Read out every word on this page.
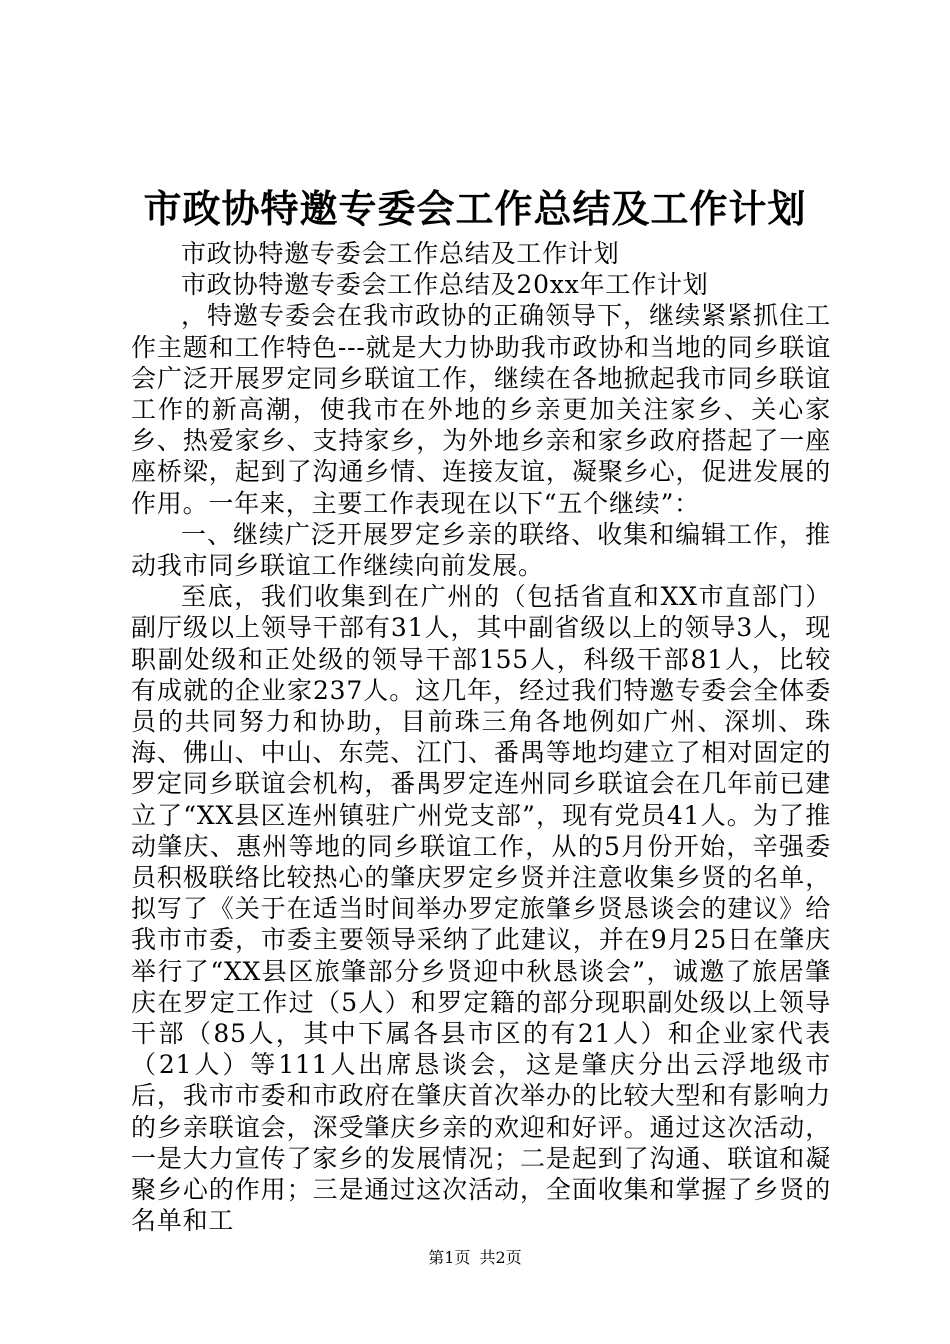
市政协特邀专委会工作总结及工作计划

市政协特邀专委会工作总结及工作计划

市政协特邀专委会工作总结及20xx年工作计划

，特邀专委会在我市政协的正确领导下，继续紧紧抓住工作主题和工作特色---就是大力协助我市政协和当地的同乡联谊会广泛开展罗定同乡联谊工作，继续在各地掀起我市同乡联谊工作的新高潮，使我市在外地的乡亲更加关注家乡、关心家乡、热爱家乡、支持家乡，为外地乡亲和家乡政府搭起了一座座桥梁，起到了沟通乡情、连接友谊，凝聚乡心，促进发展的作用。一年来，主要工作表现在以下“五个继续”：

一、继续广泛开展罗定乡亲的联络、收集和编辑工作，推动我市同乡联谊工作继续向前发展。

至底，我们收集到在广州的（包括省直和XX市直部门）副厅级以上领导干部有31人，其中副省级以上的领导3人，现职副处级和正处级的领导干部155人，科级干部81人，比较有成就的企业家237人。这几年，经过我们特邀专委会全体委员的共同努力和协助，目前珠三角各地例如广州、深圳、珠海、佛山、中山、东莞、江门、番禺等地均建立了相对固定的罗定同乡联谊会机构，番禺罗定连州同乡联谊会在几年前已建立了“XX县区连州镇驻广州党支部”，现有党员41人。为了推动肇庆、惠州等地的同乡联谊工作，从的5月份开始，辛强委员积极联络比较热心的肇庆罗定乡贤并注意收集乡贤的名单，拟写了《关于在适当时间举办罗定旅肇乡贤恳谈会的建议》给我市市委，市委主要领导采纳了此建议，并在9月25日在肇庆举行了“XX县区旅肇部分乡贤迎中秋恳谈会”，诚邀了旅居肇庆在罗定工作过（5人）和罗定籍的部分现职副处级以上领导干部（85人，其中下属各县市区的有21人）和企业家代表（21人）等111人出席恳谈会，这是肇庆分出云浮地级市后，我市市委和市政府在肇庆首次举办的比较大型和有影响力的乡亲联谊会，深受肇庆乡亲的欢迎和好评。通过这次活动，一是大力宣传了家乡的发展情况；二是起到了沟通、联谊和凝聚乡心的作用；三是通过这次活动，全面收集和掌握了乡贤的名单和工

第1页 共2页
